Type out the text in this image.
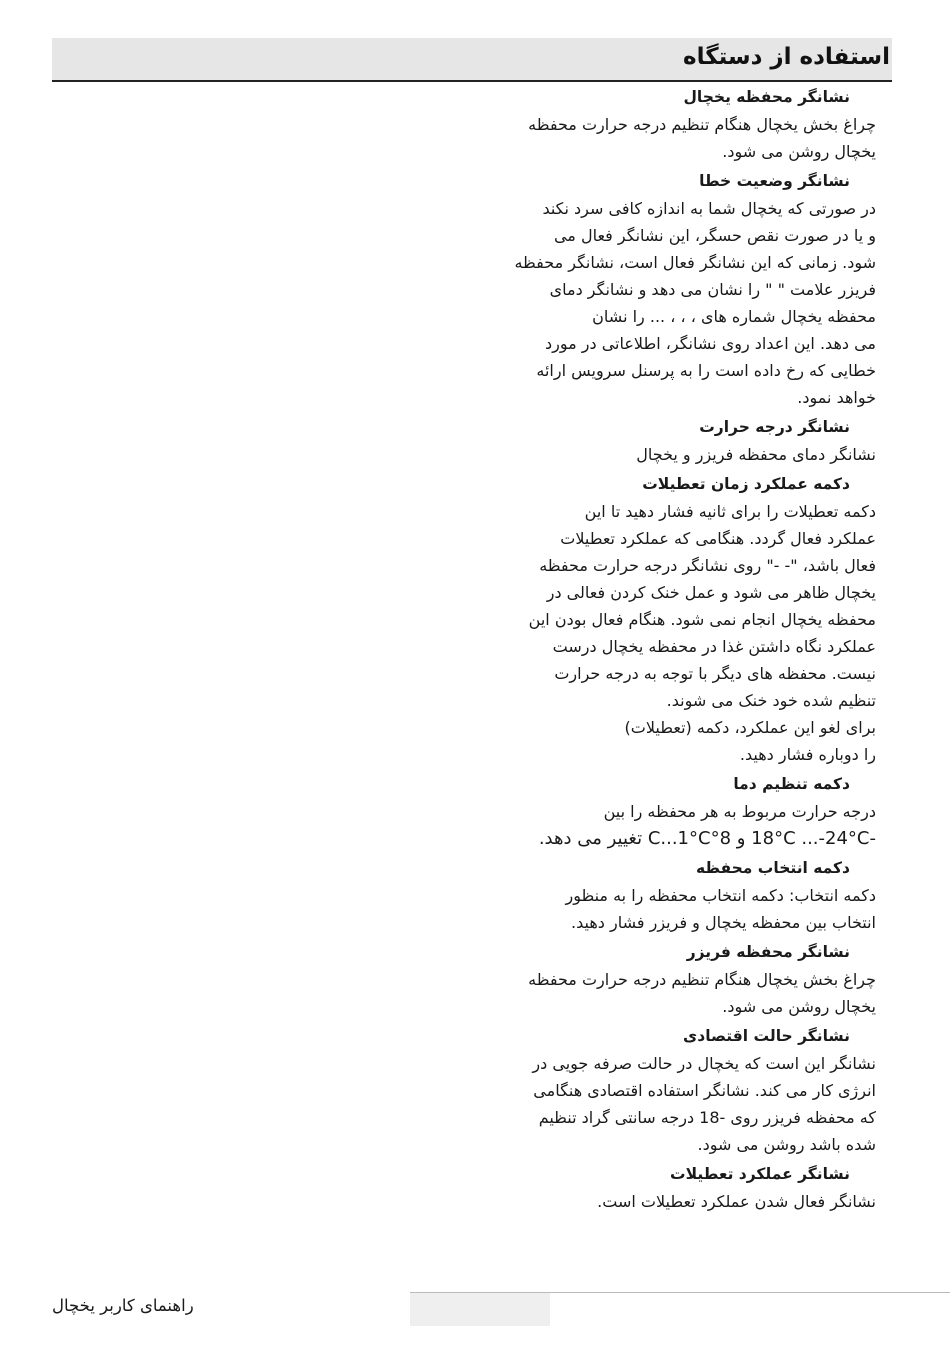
استفاده از دستگاه
نشانگر محفظه یخچال
چراغ بخش یخچال هنگام تنظیم درجه حرارت محفظه
یخچال روشن می شود.
نشانگر وضعیت خطا
در صورتی که یخچال شما به اندازه کافی سرد نکند
و یا در صورت نقص حسگر، این نشانگر فعال می
شود. زمانی که این نشانگر فعال است، نشانگر محفظه
فریزر علامت " " را نشان می دهد و نشانگر دمای
محفظه یخچال شماره های ، ، ، ... را نشان
می دهد. این اعداد روی نشانگر، اطلاعاتی در مورد
خطایی که رخ داده است را به پرسنل سرویس ارائه
خواهد نمود.
نشانگر درجه حرارت
نشانگر دمای محفظه فریزر و یخچال
دکمه عملکرد زمان تعطیلات
دکمه تعطیلات را برای ثانیه فشار دهید تا این
عملکرد فعال گردد. هنگامی که عملکرد تعطیلات
فعال باشد، "- -" روی نشانگر درجه حرارت محفظه
یخچال ظاهر می شود و عمل خنک کردن فعالی در
محفظه یخچال انجام نمی شود. هنگام فعال بودن این
عملکرد نگاه داشتن غذا در محفظه یخچال درست
نیست. محفظه های دیگر با توجه به درجه حرارت
تنظیم شده خود خنک می شوند.
برای لغو این عملکرد، دکمه (تعطیلات)
را دوباره فشار دهید.
دکمه تنظیم دما
درجه حرارت مربوط به هر محفظه را بین
-18°C ...-24°C و 8°C...1°C تغییر می دهد.
دکمه انتخاب محفظه
دکمه انتخاب: دکمه انتخاب محفظه را به منظور
انتخاب بین محفظه یخچال و فریزر فشار دهید.
نشانگر محفظه فریزر
چراغ بخش یخچال هنگام تنظیم درجه حرارت محفظه
یخچال روشن می شود.
نشانگر حالت اقتصادی
نشانگر این است که یخچال در حالت صرفه جویی در
انرژی کار می کند. نشانگر استفاده اقتصادی هنگامی
که محفظه فریزر روی -18 درجه سانتی گراد تنظیم
شده باشد روشن می شود.
نشانگر عملکرد تعطیلات
نشانگر فعال شدن عملکرد تعطیلات است.
راهنمای کاربر یخچال
